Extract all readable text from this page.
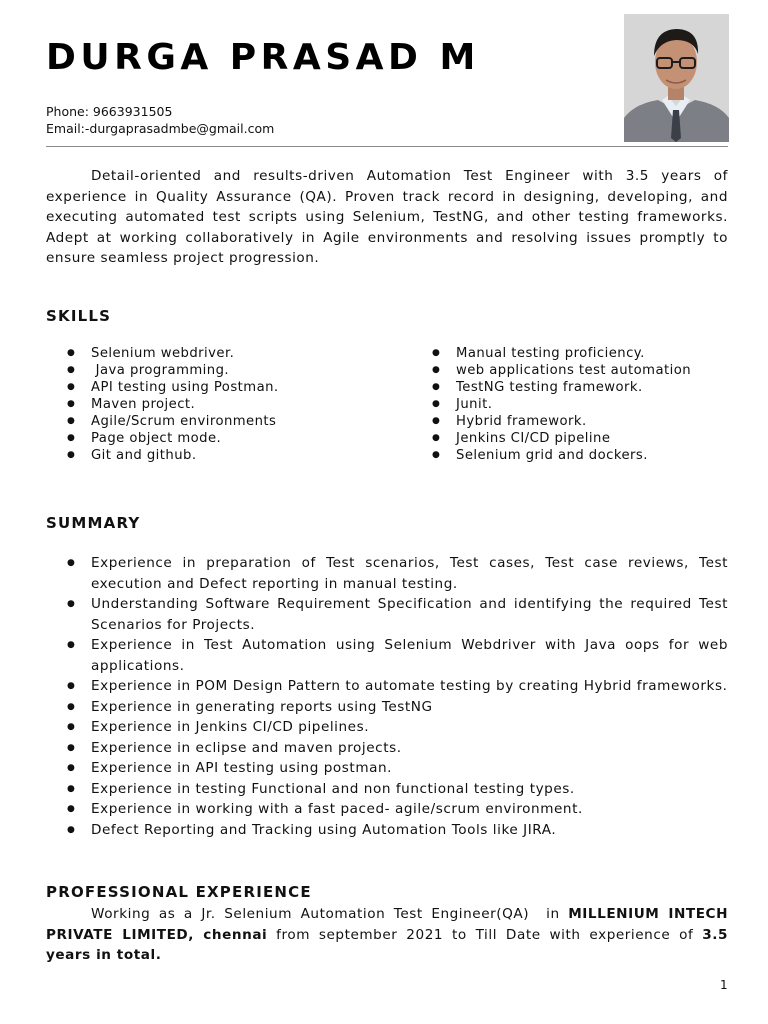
DURGA PRASAD M
Phone: 9663931505
Email:-durgaprasadmbe@gmail.com

Detail-oriented and results-driven Automation Test Engineer with 3.5 years of experience in Quality Assurance (QA). Proven track record in designing, developing, and executing automated test scripts using Selenium, TestNG, and other testing frameworks. Adept at working collaboratively in Agile environments and resolving issues promptly to ensure seamless project progression.

SKILLS
● Selenium webdriver.
●  Java programming.
● API testing using Postman.
● Maven project.
● Agile/Scrum environments
● Page object mode.
● Git and github.
● Manual testing proficiency.
● web applications test automation
● TestNG testing framework.
● Junit.
● Hybrid framework.
● Jenkins CI/CD pipeline
● Selenium grid and dockers.
SUMMARY
● Experience in preparation of Test scenarios, Test cases, Test case reviews, Test execution and Defect reporting in manual testing.
● Understanding Software Requirement Specification and identifying the required Test Scenarios for Projects.
● Experience in Test Automation using Selenium Webdriver with Java oops for web applications.
● Experience in POM Design Pattern to automate testing by creating Hybrid frameworks.
● Experience in generating reports using TestNG
● Experience in Jenkins CI/CD pipelines.
● Experience in eclipse and maven projects.
● Experience in API testing using postman.
● Experience in testing Functional and non functional testing types.
● Experience in working with a fast paced- agile/scrum environment.
● Defect Reporting and Tracking using Automation Tools like JIRA.
PROFESSIONAL EXPERIENCE

Working as a Jr. Selenium Automation Test Engineer(QA)  in MILLENIUM INTECH PRIVATE LIMITED, chennai from september 2021 to Till Date with experience of 3.5 years in total.

1
